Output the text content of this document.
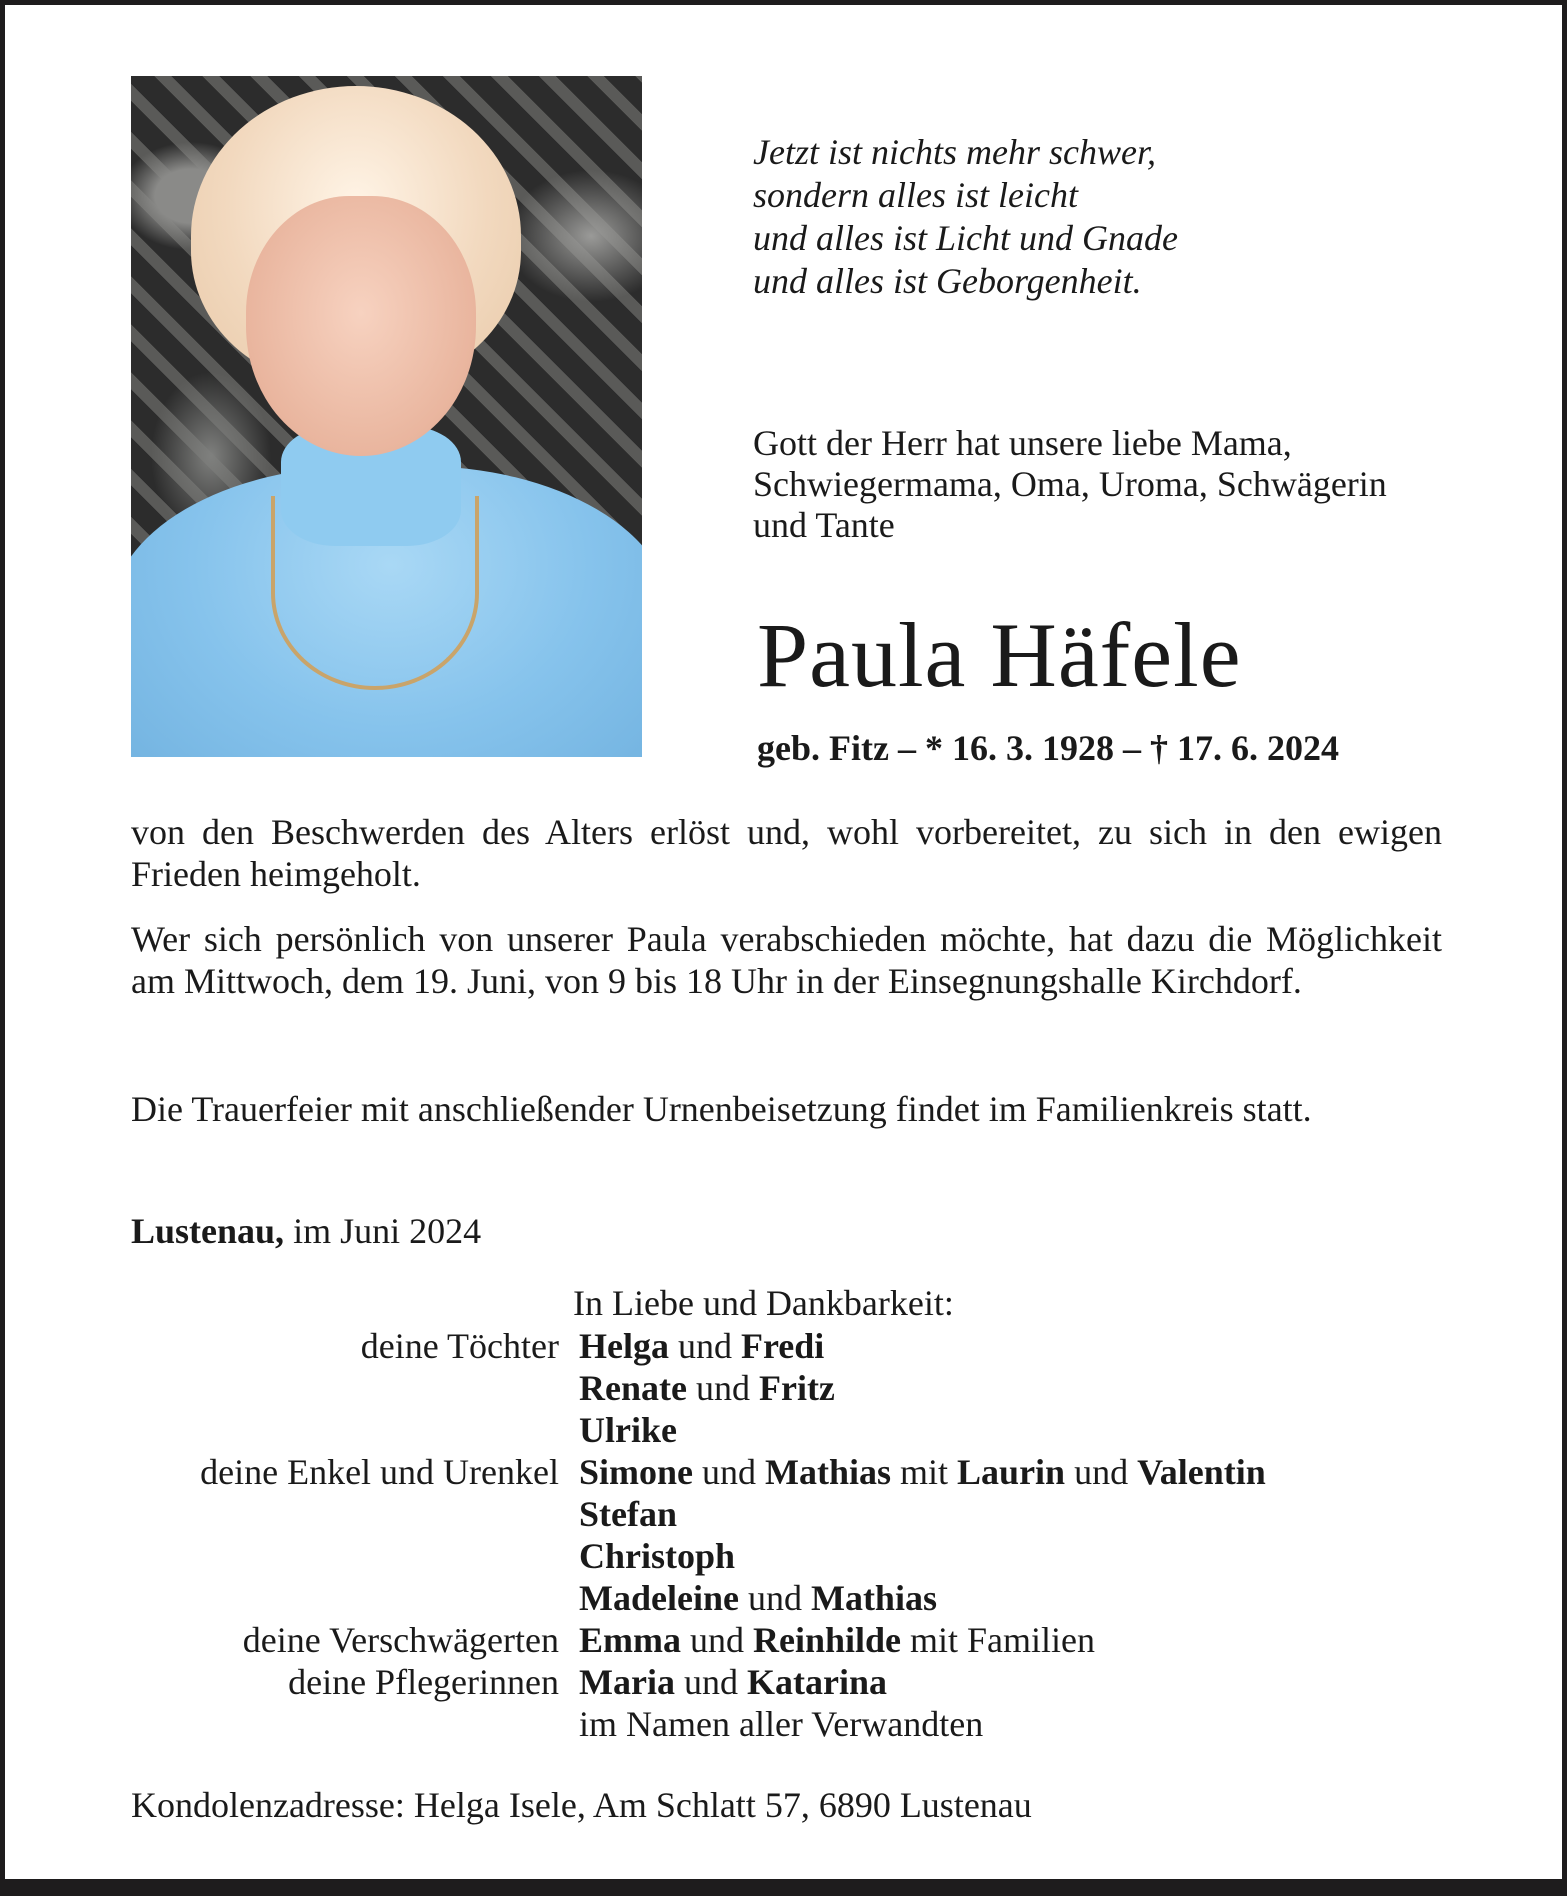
Jetzt ist nichts mehr schwer,
sondern alles ist leicht
und alles ist Licht und Gnade
und alles ist Geborgenheit.
Gott der Herr hat unsere liebe Mama, Schwiegermama, Oma, Uroma, Schwägerin und Tante
Paula Häfele
geb. Fitz – * 16. 3. 1928 – † 17. 6. 2024

von den Beschwerden des Alters erlöst und, wohl vorbereitet, zu sich in den ewigen Frieden heimgeholt.

Wer sich persönlich von unserer Paula verabschieden möchte, hat dazu die Möglichkeit am Mittwoch, dem 19. Juni, von 9 bis 18 Uhr in der Einsegnungshalle Kirchdorf.

Die Trauerfeier mit anschließender Urnenbeisetzung findet im Familienkreis statt.

Lustenau, im Juni 2024
In Liebe und Dankbarkeit:
deine Töchter Helga und Fredi
Renate und Fritz
Ulrike
deine Enkel und Urenkel Simone und Mathias mit Laurin und Valentin
Stefan
Christoph
Madeleine und Mathias
deine Verschwägerten Emma und Reinhilde mit Familien
deine Pflegerinnen Maria und Katarina
im Namen aller Verwandten
Kondolenzadresse: Helga Isele, Am Schlatt 57, 6890 Lustenau
